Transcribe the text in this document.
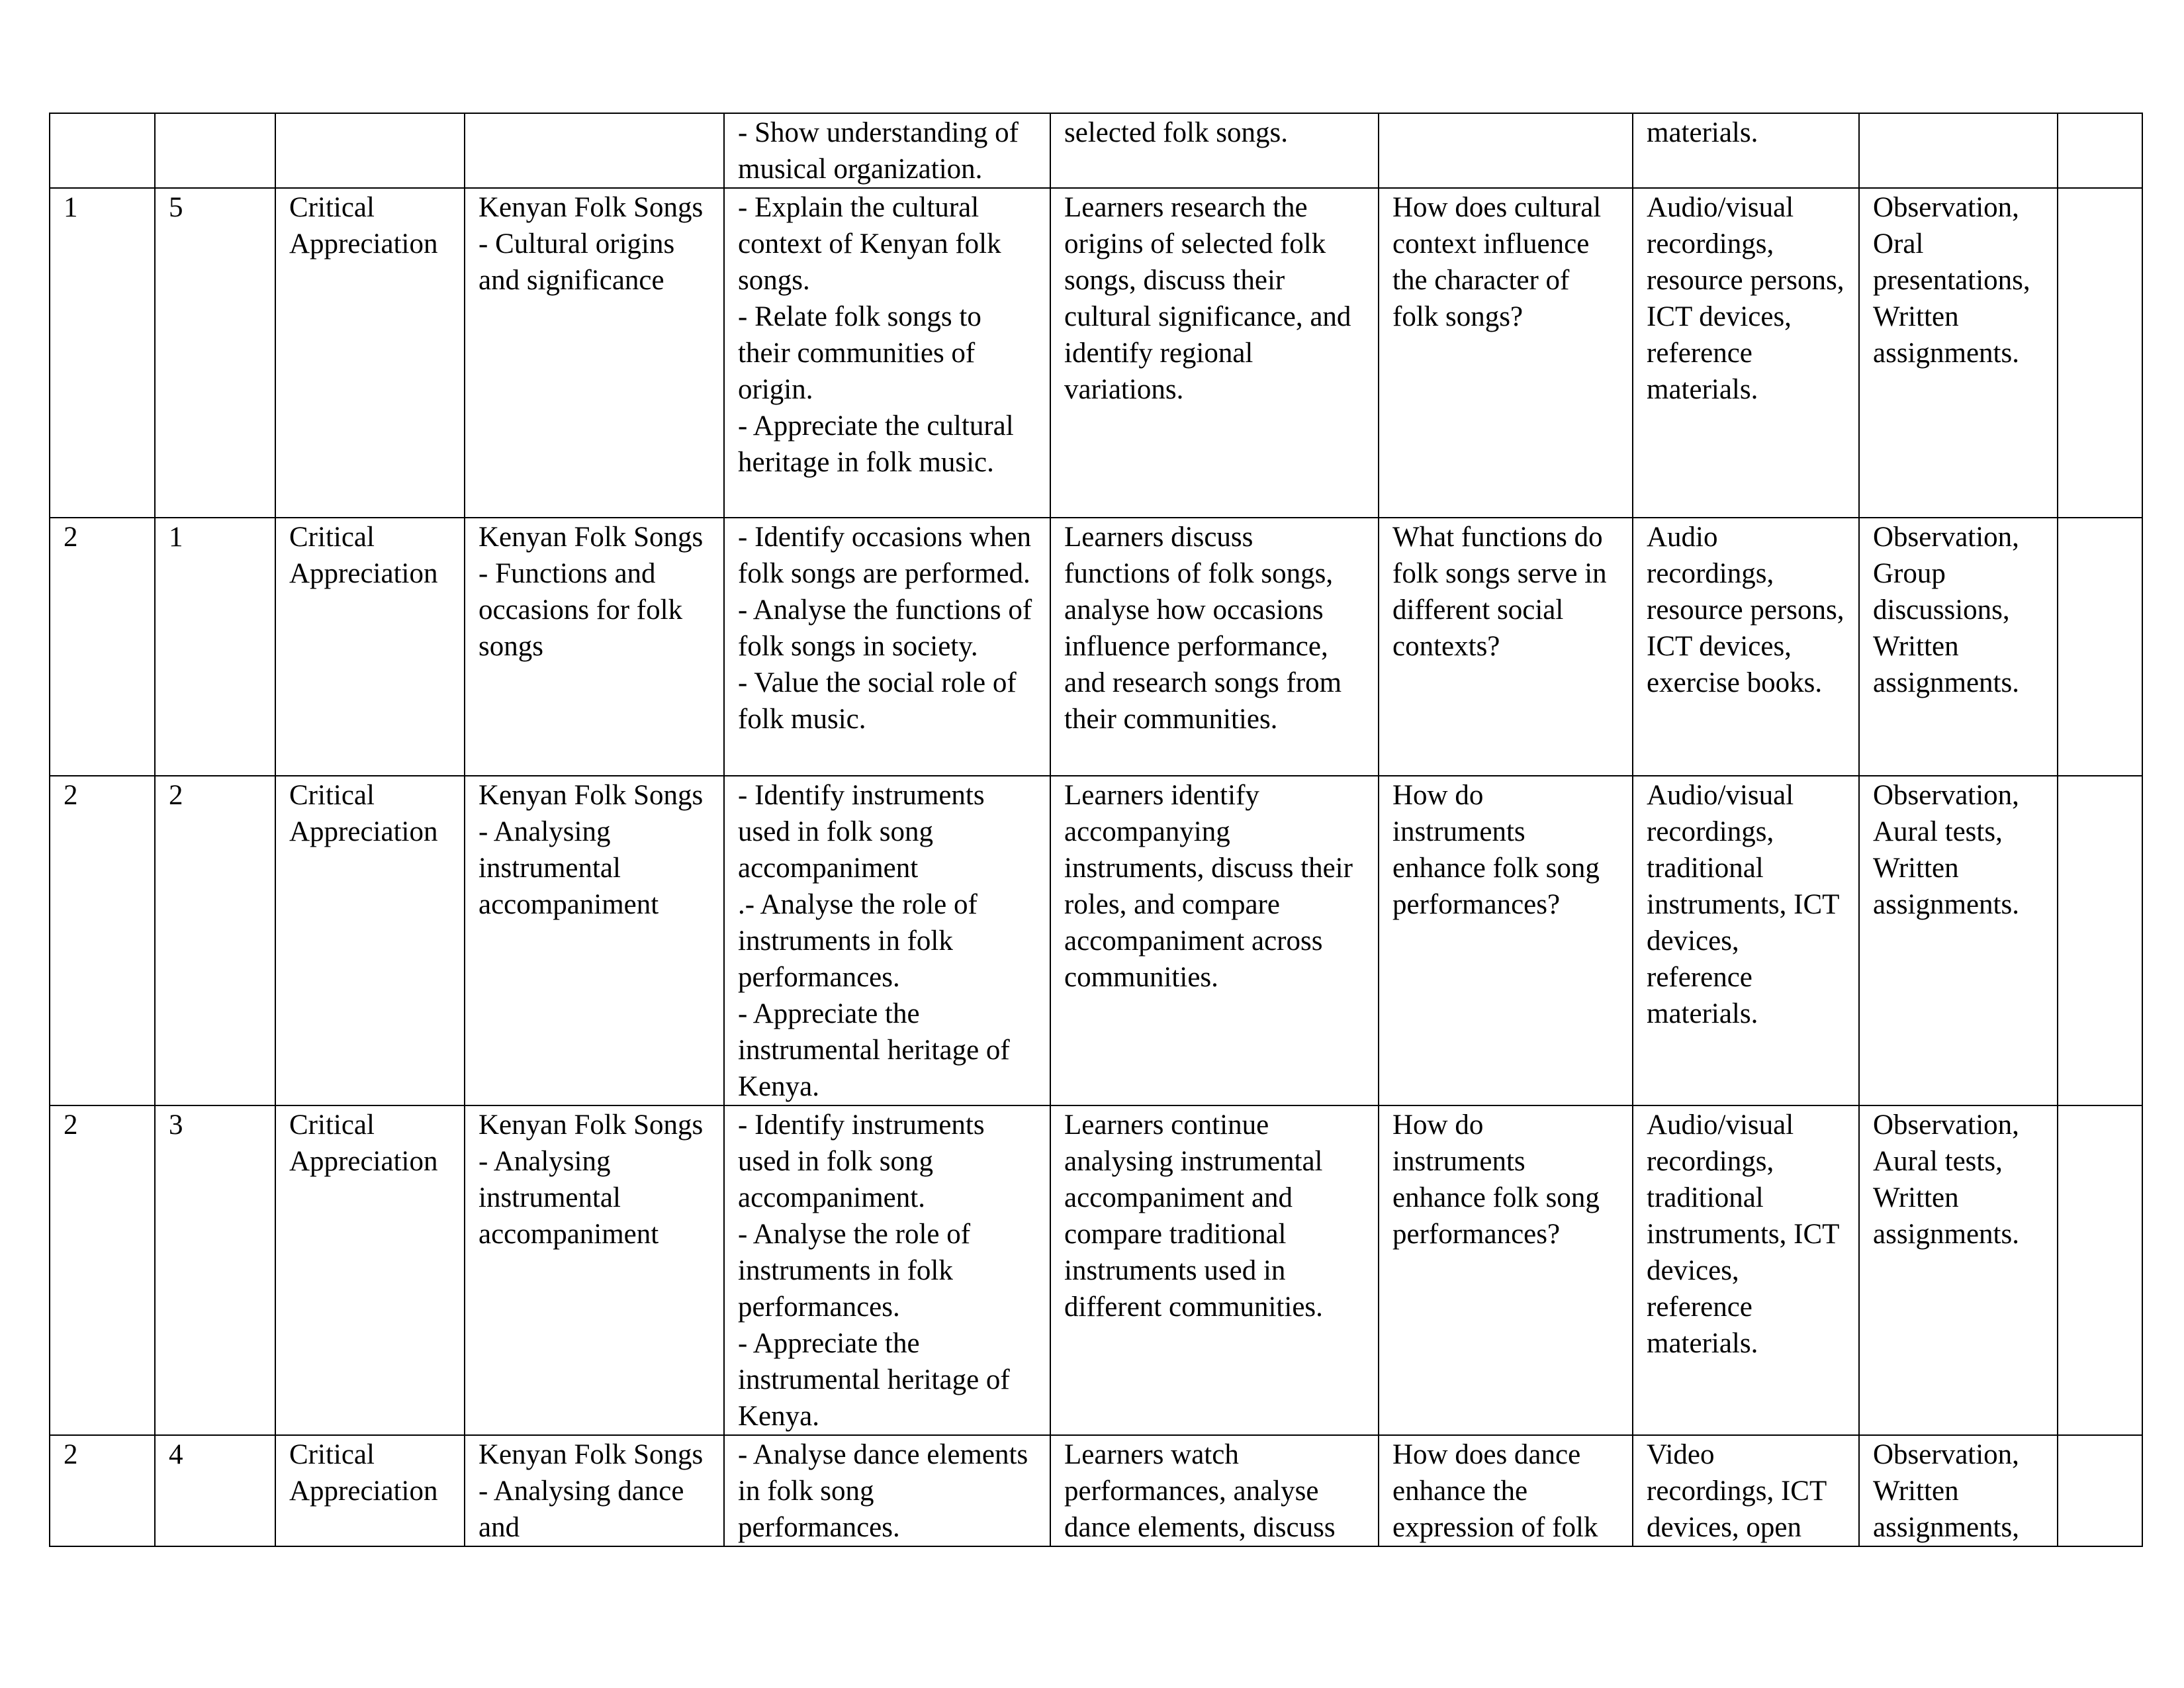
				- Show understanding of musical organization.	selected folk songs.		materials.		
1	5	Critical Appreciation	Kenyan Folk Songs - Cultural origins and significance	- Explain the cultural context of Kenyan folk songs.
- Relate folk songs to their communities of origin.
- Appreciate the cultural heritage in folk music.	Learners research the origins of selected folk songs, discuss their cultural significance, and identify regional variations.	How does cultural context influence the character of folk songs?	Audio/visual recordings, resource persons, ICT devices, reference materials.	Observation, Oral presentations, Written assignments.	
2	1	Critical Appreciation	Kenyan Folk Songs - Functions and occasions for folk songs	- Identify occasions when folk songs are performed.
- Analyse the functions of folk songs in society.
- Value the social role of folk music.	Learners discuss functions of folk songs, analyse how occasions influence performance, and research songs from their communities.	What functions do folk songs serve in different social contexts?	Audio recordings, resource persons, ICT devices, exercise books.	Observation, Group discussions, Written assignments.	
2	2	Critical Appreciation	Kenyan Folk Songs - Analysing instrumental accompaniment	- Identify instruments used in folk song accompaniment
.- Analyse the role of instruments in folk performances.
- Appreciate the instrumental heritage of Kenya.	Learners identify accompanying instruments, discuss their roles, and compare accompaniment across communities.	How do instruments enhance folk song performances?	Audio/visual recordings, traditional instruments, ICT devices, reference materials.	Observation, Aural tests, Written assignments.	
2	3	Critical Appreciation	Kenyan Folk Songs - Analysing instrumental accompaniment	- Identify instruments used in folk song accompaniment.
- Analyse the role of instruments in folk performances.
- Appreciate the instrumental heritage of Kenya.	Learners continue analysing instrumental accompaniment and compare traditional instruments used in different communities.	How do instruments enhance folk song performances?	Audio/visual recordings, traditional instruments, ICT devices, reference materials.	Observation, Aural tests, Written assignments.	
2	4	Critical Appreciation	Kenyan Folk Songs - Analysing dance and	- Analyse dance elements in folk song performances.	Learners watch performances, analyse dance elements, discuss	How does dance enhance the expression of folk	Video recordings, ICT devices, open	Observation, Written assignments,	
